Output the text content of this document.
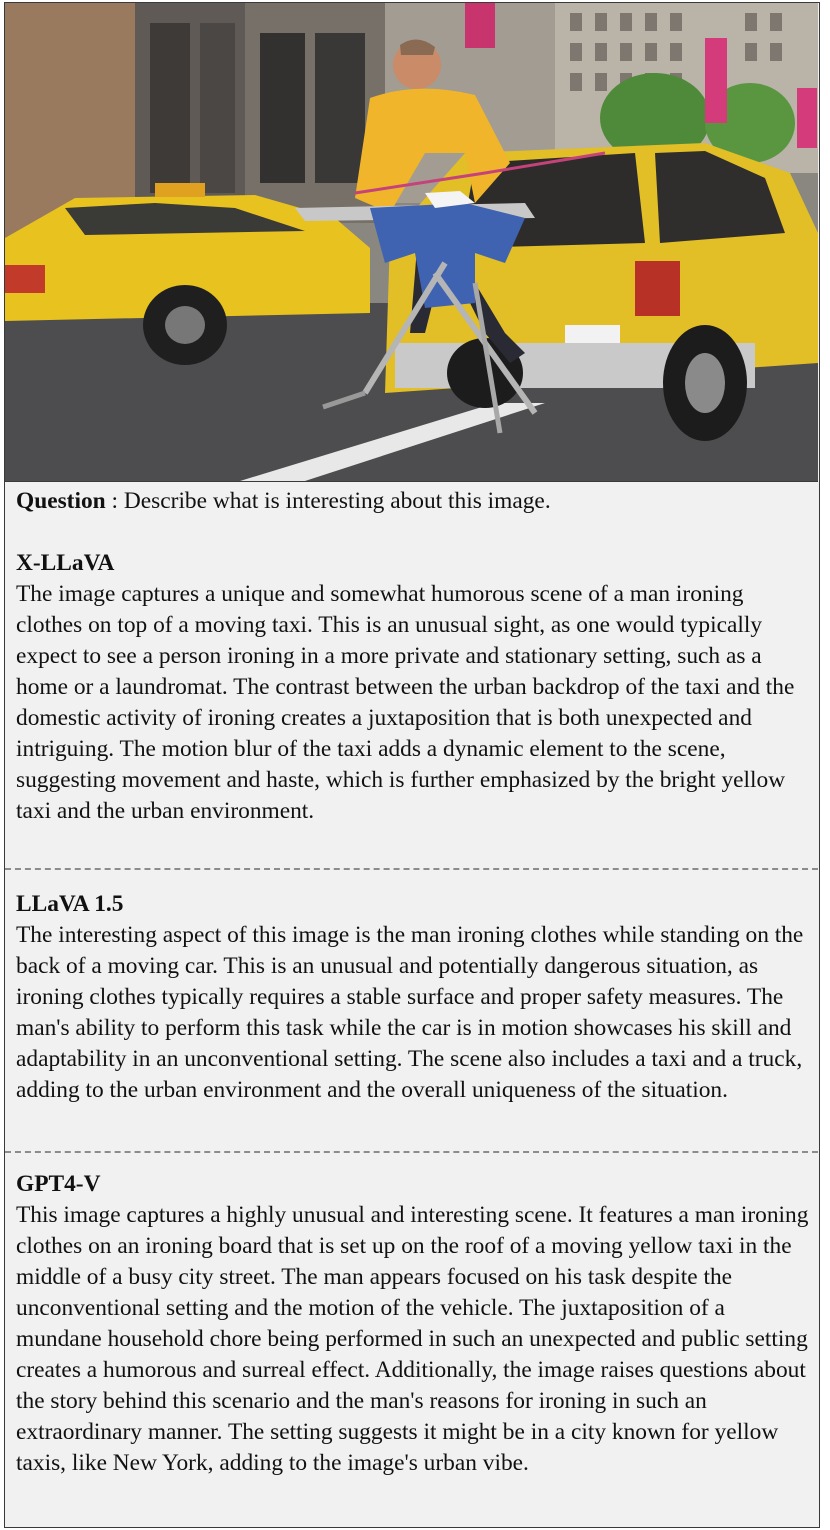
Question : Describe what is interesting about this image.
X-LLaVA
The image captures a unique and somewhat humorous scene of a man ironing clothes on top of a moving taxi. This is an unusual sight, as one would typically expect to see a person ironing in a more private and stationary setting, such as a home or a laundromat. The contrast between the urban backdrop of the taxi and the domestic activity of ironing creates a juxtaposition that is both unexpected and intriguing. The motion blur of the taxi adds a dynamic element to the scene, suggesting movement and haste, which is further emphasized by the bright yellow taxi and the urban environment.
LLaVA 1.5
The interesting aspect of this image is the man ironing clothes while standing on the back of a moving car. This is an unusual and potentially dangerous situation, as ironing clothes typically requires a stable surface and proper safety measures. The man's ability to perform this task while the car is in motion showcases his skill and adaptability in an unconventional setting. The scene also includes a taxi and a truck, adding to the urban environment and the overall uniqueness of the situation.
GPT4-V
This image captures a highly unusual and interesting scene. It features a man ironing clothes on an ironing board that is set up on the roof of a moving yellow taxi in the middle of a busy city street. The man appears focused on his task despite the unconventional setting and the motion of the vehicle. The juxtaposition of a mundane household chore being performed in such an unexpected and public setting creates a humorous and surreal effect. Additionally, the image raises questions about the story behind this scenario and the man's reasons for ironing in such an extraordinary manner. The setting suggests it might be in a city known for yellow taxis, like New York, adding to the image's urban vibe.
